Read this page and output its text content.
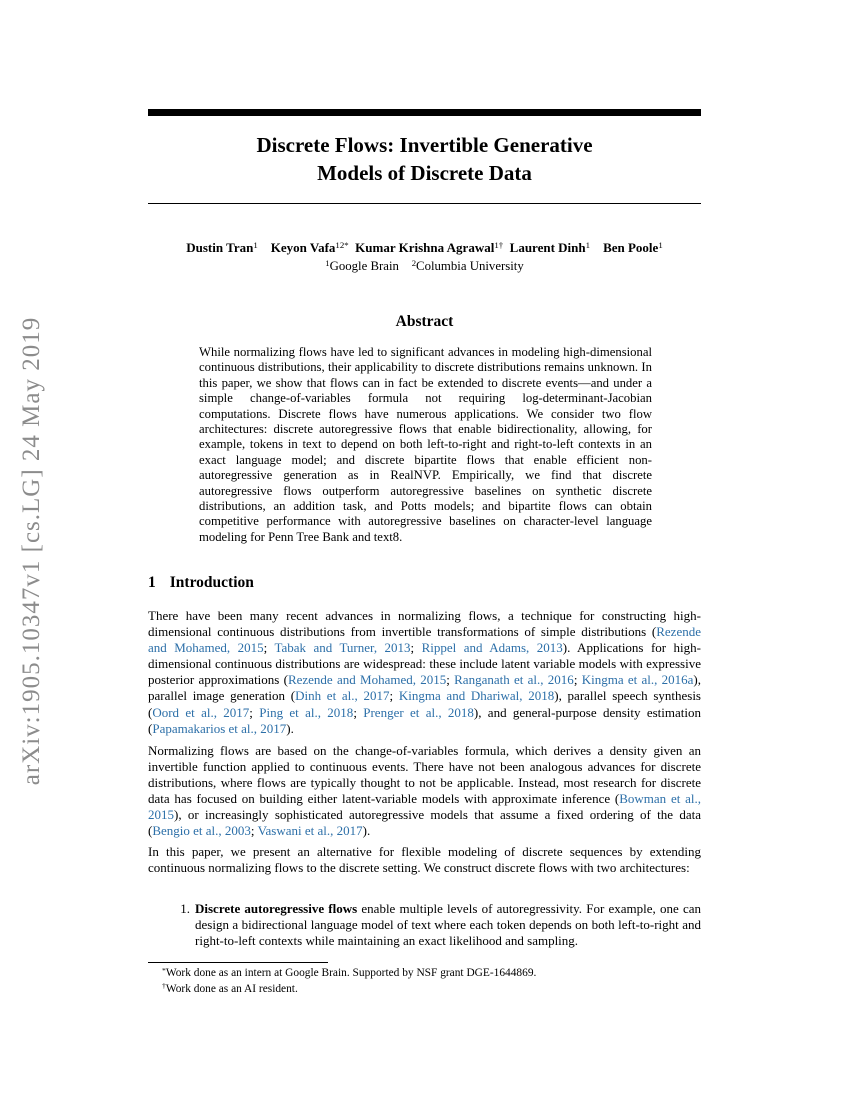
arXiv:1905.10347v1 [cs.LG] 24 May 2019
Discrete Flows: Invertible Generative
Models of Discrete Data
Dustin Tran$^1$  Keyon Vafa$^{12*}$  Kumar Krishna Agrawal$^{1\dagger}$  Laurent Dinh$^1$  Ben Poole$^1$
$^1$Google Brain $^2$Columbia University
Abstract
While normalizing flows have led to significant advances in modeling high-dimensional continuous distributions, their applicability to discrete distributions remains unknown. In this paper, we show that flows can in fact be extended to discrete events—and under a simple change-of-variables formula not requiring log-determinant-Jacobian computations. Discrete flows have numerous applications. We consider two flow architectures: discrete autoregressive flows that enable bidirectionality, allowing, for example, tokens in text to depend on both left-to-right and right-to-left contexts in an exact language model; and discrete bipartite flows that enable efficient non-autoregressive generation as in RealNVP. Empirically, we find that discrete autoregressive flows outperform autoregressive baselines on synthetic discrete distributions, an addition task, and Potts models; and bipartite flows can obtain competitive performance with autoregressive baselines on character-level language modeling for Penn Tree Bank and text8.
1 Introduction
There have been many recent advances in normalizing flows, a technique for constructing high-dimensional continuous distributions from invertible transformations of simple distributions (Rezende and Mohamed, 2015; Tabak and Turner, 2013; Rippel and Adams, 2013). Applications for high-dimensional continuous distributions are widespread: these include latent variable models with expressive posterior approximations (Rezende and Mohamed, 2015; Ranganath et al., 2016; Kingma et al., 2016a), parallel image generation (Dinh et al., 2017; Kingma and Dhariwal, 2018), parallel speech synthesis (Oord et al., 2017; Ping et al., 2018; Prenger et al., 2018), and general-purpose density estimation (Papamakarios et al., 2017).
Normalizing flows are based on the change-of-variables formula, which derives a density given an invertible function applied to continuous events. There have not been analogous advances for discrete distributions, where flows are typically thought to not be applicable. Instead, most research for discrete data has focused on building either latent-variable models with approximate inference (Bowman et al., 2015), or increasingly sophisticated autoregressive models that assume a fixed ordering of the data (Bengio et al., 2003; Vaswani et al., 2017).
In this paper, we present an alternative for flexible modeling of discrete sequences by extending continuous normalizing flows to the discrete setting. We construct discrete flows with two architectures:
1. Discrete autoregressive flows enable multiple levels of autoregressivity. For example, one can design a bidirectional language model of text where each token depends on both left-to-right and right-to-left contexts while maintaining an exact likelihood and sampling.
*Work done as an intern at Google Brain. Supported by NSF grant DGE-1644869.
†Work done as an AI resident.
